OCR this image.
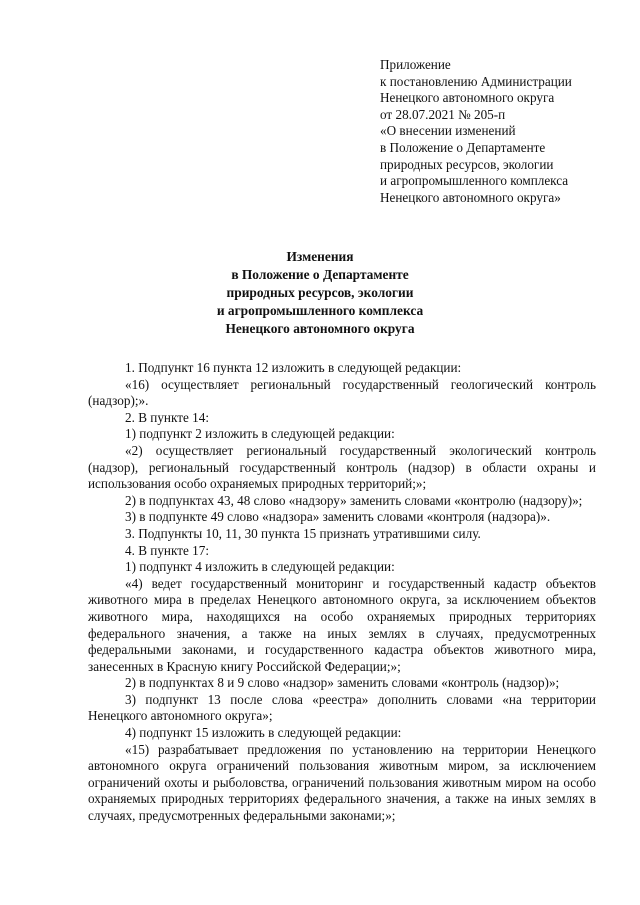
Приложение
к постановлению Администрации
Ненецкого автономного округа
от 28.07.2021 № 205-п
«О внесении изменений
в Положение о Департаменте
природных ресурсов, экологии
и агропромышленного комплекса
Ненецкого автономного округа»
Изменения
в Положение о Департаменте
природных ресурсов, экологии
и агропромышленного комплекса
Ненецкого автономного округа

1. Подпункт 16 пункта 12 изложить в следующей редакции:

«16) осуществляет региональный государственный геологический контроль (надзор);».

2. В пункте 14:

1) подпункт 2 изложить в следующей редакции:

«2) осуществляет региональный государственный экологический контроль (надзор), региональный государственный контроль (надзор) в области охраны и использования особо охраняемых природных территорий;»;

2) в подпунктах 43, 48 слово «надзору» заменить словами «контролю (надзору)»;

3) в подпункте 49 слово «надзора» заменить словами «контроля (надзора)».

3. Подпункты 10, 11, 30 пункта 15 признать утратившими силу.

4. В пункте 17:

1) подпункт 4 изложить в следующей редакции:

«4) ведет государственный мониторинг и государственный кадастр объектов животного мира в пределах Ненецкого автономного округа, за исключением объектов животного мира, находящихся на особо охраняемых природных территориях федерального значения, а также на иных землях в случаях, предусмотренных федеральными законами, и государственного кадастра объектов животного мира, занесенных в Красную книгу Российской Федерации;»;

2) в подпунктах 8 и 9 слово «надзор» заменить словами «контроль (надзор)»;

3) подпункт 13 после слова «реестра» дополнить словами «на территории Ненецкого автономного округа»;

4) подпункт 15 изложить в следующей редакции:

«15) разрабатывает предложения по установлению на территории Ненецкого автономного округа ограничений пользования животным миром, за исключением ограничений охоты и рыболовства, ограничений пользования животным миром на особо охраняемых природных территориях федерального значения, а также на иных землях в случаях, предусмотренных федеральными законами;»;
